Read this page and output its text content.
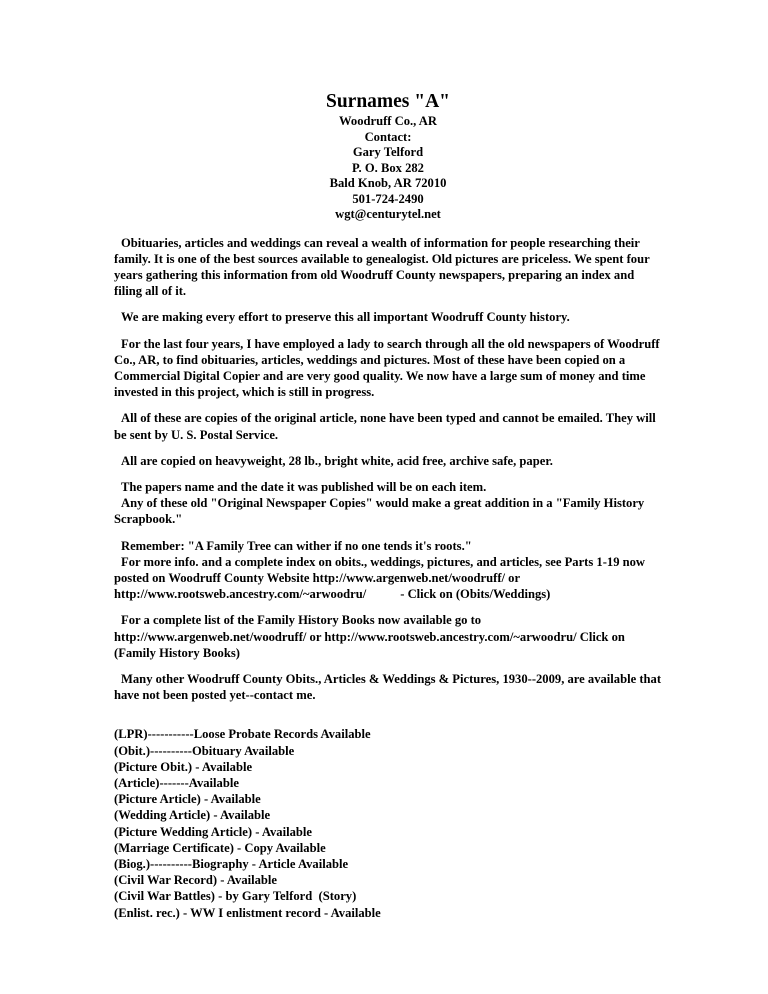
Surnames "A"
Woodruff Co., AR
Contact:
Gary Telford
P. O. Box 282
Bald Knob, AR 72010
501-724-2490
wgt@centurytel.net

Obituaries, articles and weddings can reveal a wealth of information for people researching their family. It is one of the best sources available to genealogist. Old pictures are priceless. We spent four years gathering this information from old Woodruff County newspapers, preparing an index and filing all of it.

We are making every effort to preserve this all important Woodruff County history.

For the last four years, I have employed a lady to search through all the old newspapers of Woodruff Co., AR, to find obituaries, articles, weddings and pictures. Most of these have been copied on a Commercial Digital Copier and are very good quality. We now have a large sum of money and time invested in this project, which is still in progress.

All of these are copies of the original article, none have been typed and cannot be emailed. They will be sent by U. S. Postal Service.

All are copied on heavyweight, 28 lb., bright white, acid free, archive safe, paper.

The papers name and the date it was published will be on each item.

Any of these old "Original Newspaper Copies" would make a great addition in a "Family History Scrapbook."

Remember: "A Family Tree can wither if no one tends it's roots."

For more info. and a complete index on obits., weddings, pictures, and articles, see Parts 1-19 now posted on Woodruff County Website http://www.argenweb.net/woodruff/ or
http://www.rootsweb.ancestry.com/~arwoodru/	- Click on (Obits/Weddings)

For a complete list of the Family History Books now available go to http://www.argenweb.net/woodruff/ or http://www.rootsweb.ancestry.com/~arwoodru/ Click on (Family History Books)

Many other Woodruff County Obits., Articles & Weddings & Pictures, 1930--2009, are available that have not been posted yet--contact me.

(LPR)-----------Loose Probate Records Available
(Obit.)----------Obituary Available
(Picture Obit.) - Available
(Article)-------Available
(Picture Article) - Available
(Wedding Article) - Available
(Picture Wedding Article) - Available
(Marriage Certificate) - Copy Available
(Biog.)----------Biography - Article Available
(Civil War Record) - Available
(Civil War Battles) - by Gary Telford  (Story)
(Enlist. rec.) - WW I enlistment record - Available
